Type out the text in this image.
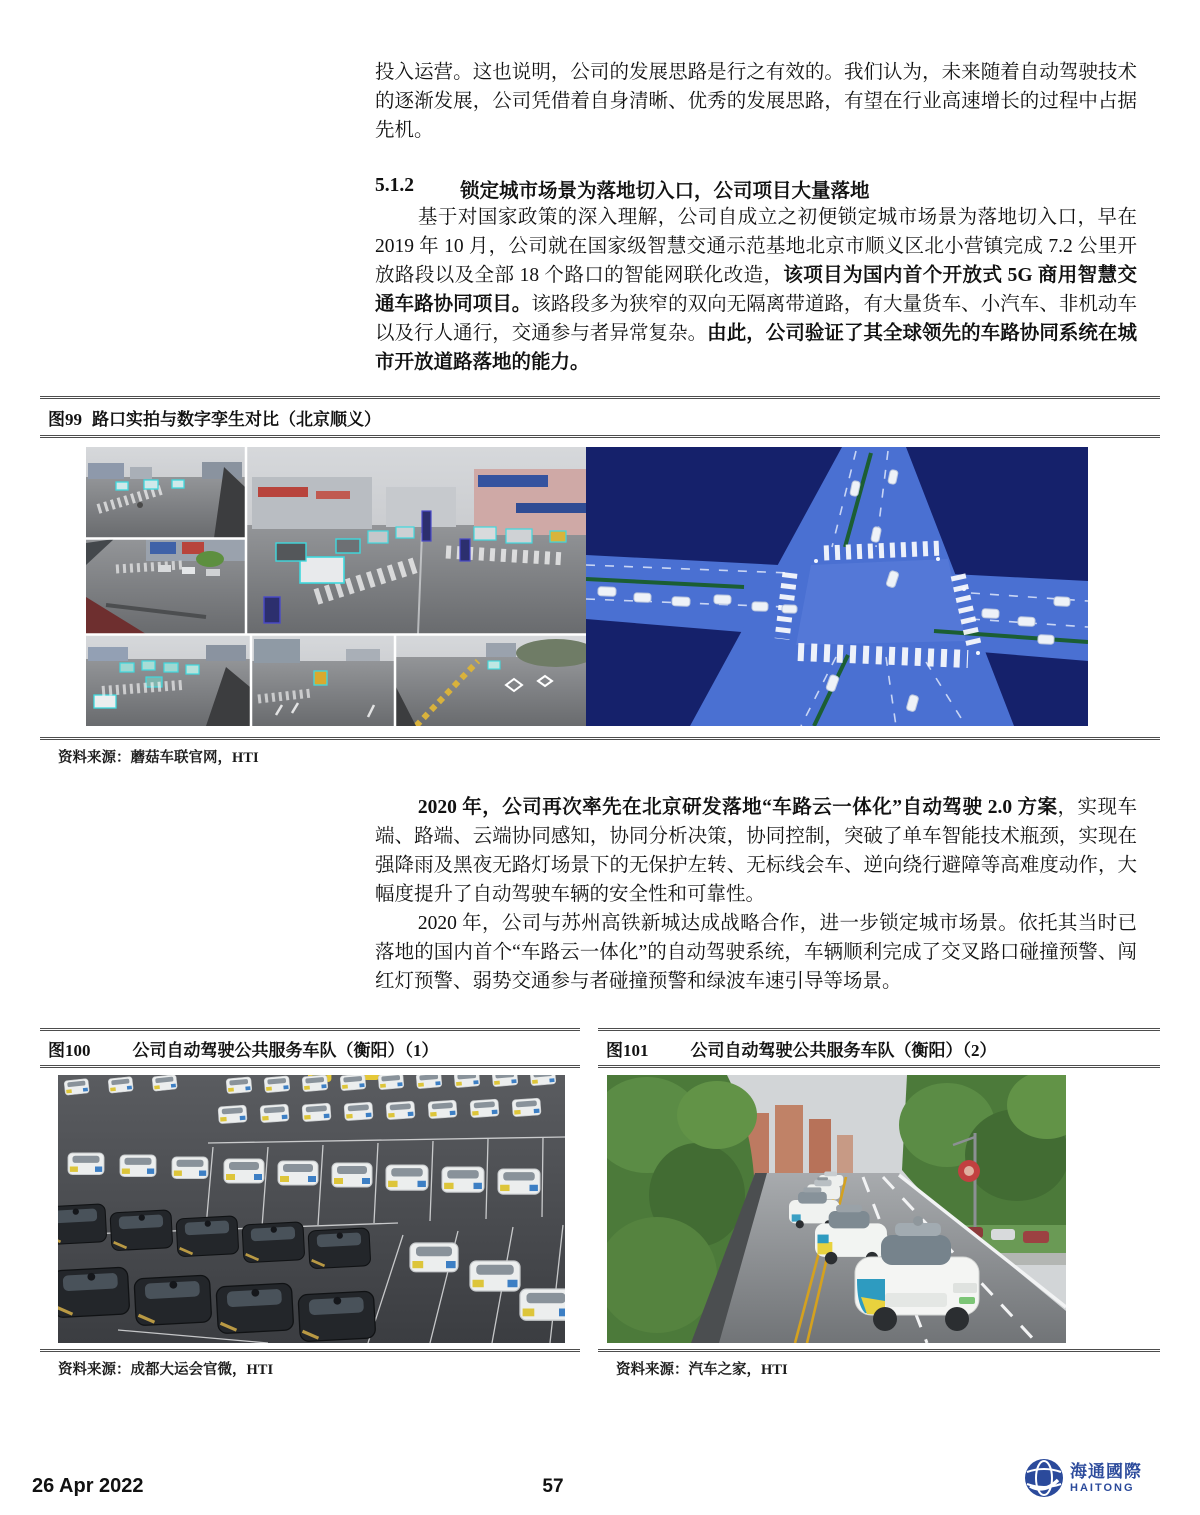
投入运营。这也说明，公司的发展思路是行之有效的。我们认为，未来随着自动驾驶技术的逐渐发展，公司凭借着自身清晰、优秀的发展思路，有望在行业高速增长的过程中占据先机。

5.1.2	锁定城市场景为落地切入口，公司项目大量落地

基于对国家政策的深入理解，公司自成立之初便锁定城市场景为落地切入口，早在 2019 年 10 月，公司就在国家级智慧交通示范基地北京市顺义区北小营镇完成 7.2 公里开放路段以及全部 18 个路口的智能网联化改造，该项目为国内首个开放式 5G 商用智慧交通车路协同项目。该路段多为狭窄的双向无隔离带道路，有大量货车、小汽车、非机动车以及行人通行，交通参与者异常复杂。由此，公司验证了其全球领先的车路协同系统在城市开放道路落地的能力。

图99 路口实拍与数字孪生对比（北京顺义）
资料来源：蘑菇车联官网，HTI

2020 年，公司再次率先在北京研发落地“车路云一体化”自动驾驶 2.0 方案，实现车端、路端、云端协同感知，协同分析决策，协同控制，突破了单车智能技术瓶颈，实现在强降雨及黑夜无路灯场景下的无保护左转、无标线会车、逆向绕行避障等高难度动作，大幅度提升了自动驾驶车辆的安全性和可靠性。

2020 年，公司与苏州高铁新城达成战略合作，进一步锁定城市场景。依托其当时已落地的国内首个“车路云一体化”的自动驾驶系统，车辆顺利完成了交叉路口碰撞预警、闯红灯预警、弱势交通参与者碰撞预警和绿波车速引导等场景。

图100 公司自动驾驶公共服务车队（衡阳）（1）
资料来源：成都大运会官微，HTI
图101 公司自动驾驶公共服务车队（衡阳）（2）
资料来源：汽车之家，HTI
26 Apr 2022	57
海通國際
HAITONG
